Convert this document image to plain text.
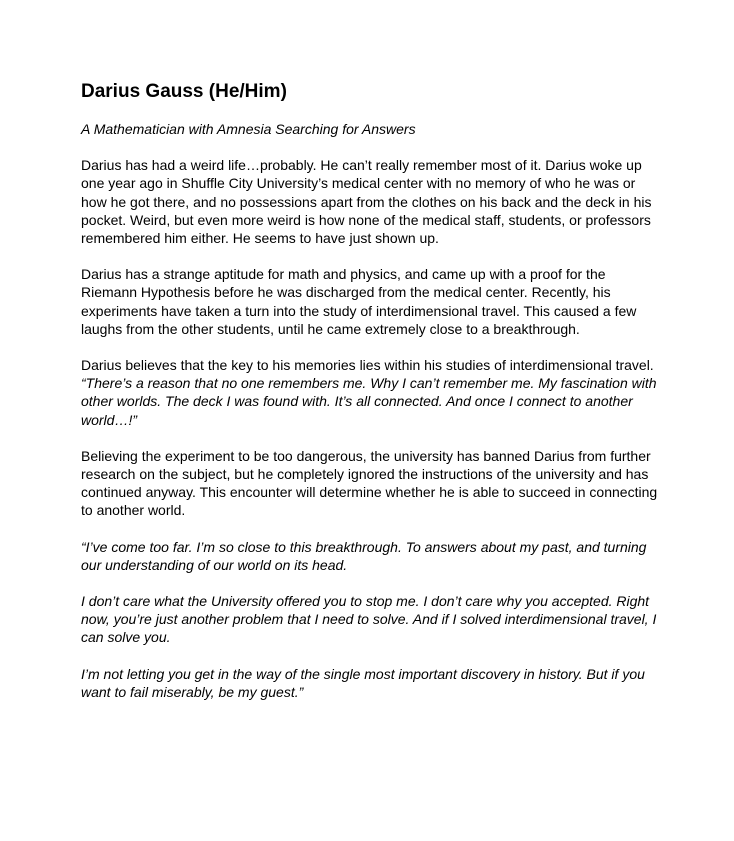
Darius Gauss (He/Him)
A Mathematician with Amnesia Searching for Answers

Darius has had a weird life…probably. He can’t really remember most of it. Darius woke up one year ago in Shuffle City University’s medical center with no memory of who he was or how he got there, and no possessions apart from the clothes on his back and the deck in his pocket. Weird, but even more weird is how none of the medical staff, students, or professors remembered him either. He seems to have just shown up.

Darius has a strange aptitude for math and physics, and came up with a proof for the Riemann Hypothesis before he was discharged from the medical center. Recently, his experiments have taken a turn into the study of interdimensional travel. This caused a few laughs from the other students, until he came extremely close to a breakthrough.

Darius believes that the key to his memories lies within his studies of interdimensional travel.
“There’s a reason that no one remembers me. Why I can’t remember me. My fascination with other worlds. The deck I was found with. It’s all connected. And once I connect to another world…!”

Believing the experiment to be too dangerous, the university has banned Darius from further research on the subject, but he completely ignored the instructions of the university and has continued anyway. This encounter will determine whether he is able to succeed in connecting to another world.

“I’ve come too far. I’m so close to this breakthrough. To answers about my past, and turning our understanding of our world on its head.

I don’t care what the University offered you to stop me. I don’t care why you accepted. Right now, you’re just another problem that I need to solve. And if I solved interdimensional travel, I can solve you.

I’m not letting you get in the way of the single most important discovery in history. But if you want to fail miserably, be my guest.”
